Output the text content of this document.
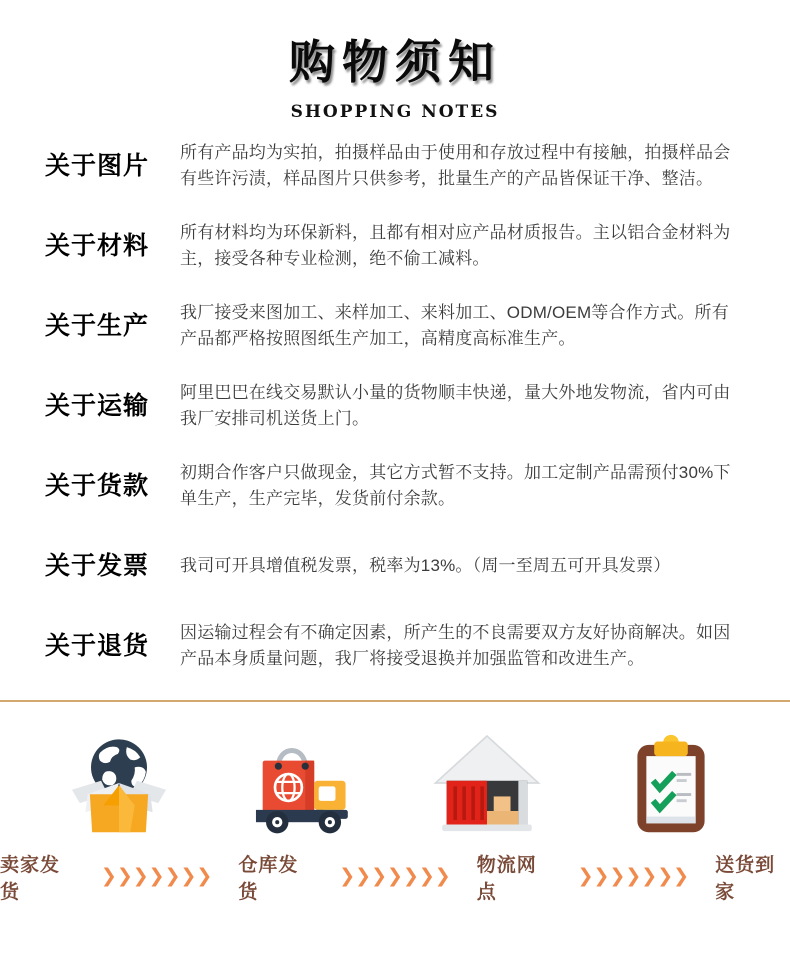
购物须知
SHOPPING NOTES
关于图片	所有产品均为实拍，拍摄样品由于使用和存放过程中有接触，拍摄样品会有些许污渍，样品图片只供参考，批量生产的产品皆保证干净、整洁。
关于材料	所有材料均为环保新料，且都有相对应产品材质报告。主以铝合金材料为主，接受各种专业检测，绝不偷工减料。
关于生产	我厂接受来图加工、来样加工、来料加工、ODM/OEM等合作方式。所有产品都严格按照图纸生产加工，高精度高标准生产。
关于运输	阿里巴巴在线交易默认小量的货物顺丰快递，量大外地发物流，省内可由我厂安排司机送货上门。
关于货款	初期合作客户只做现金，其它方式暂不支持。加工定制产品需预付30%下单生产，生产完毕，发货前付余款。
关于发票	我司可开具增值税发票，税率为13%。（周一至周五可开具发票）
关于退货	因运输过程会有不确定因素，所产生的不良需要双方友好协商解决。如因产品本身质量问题，我厂将接受退换并加强监管和改进生产。
卖家发货
❯❯❯❯❯❯❯
仓库发货
❯❯❯❯❯❯❯
物流网点
❯❯❯❯❯❯❯
送货到家
